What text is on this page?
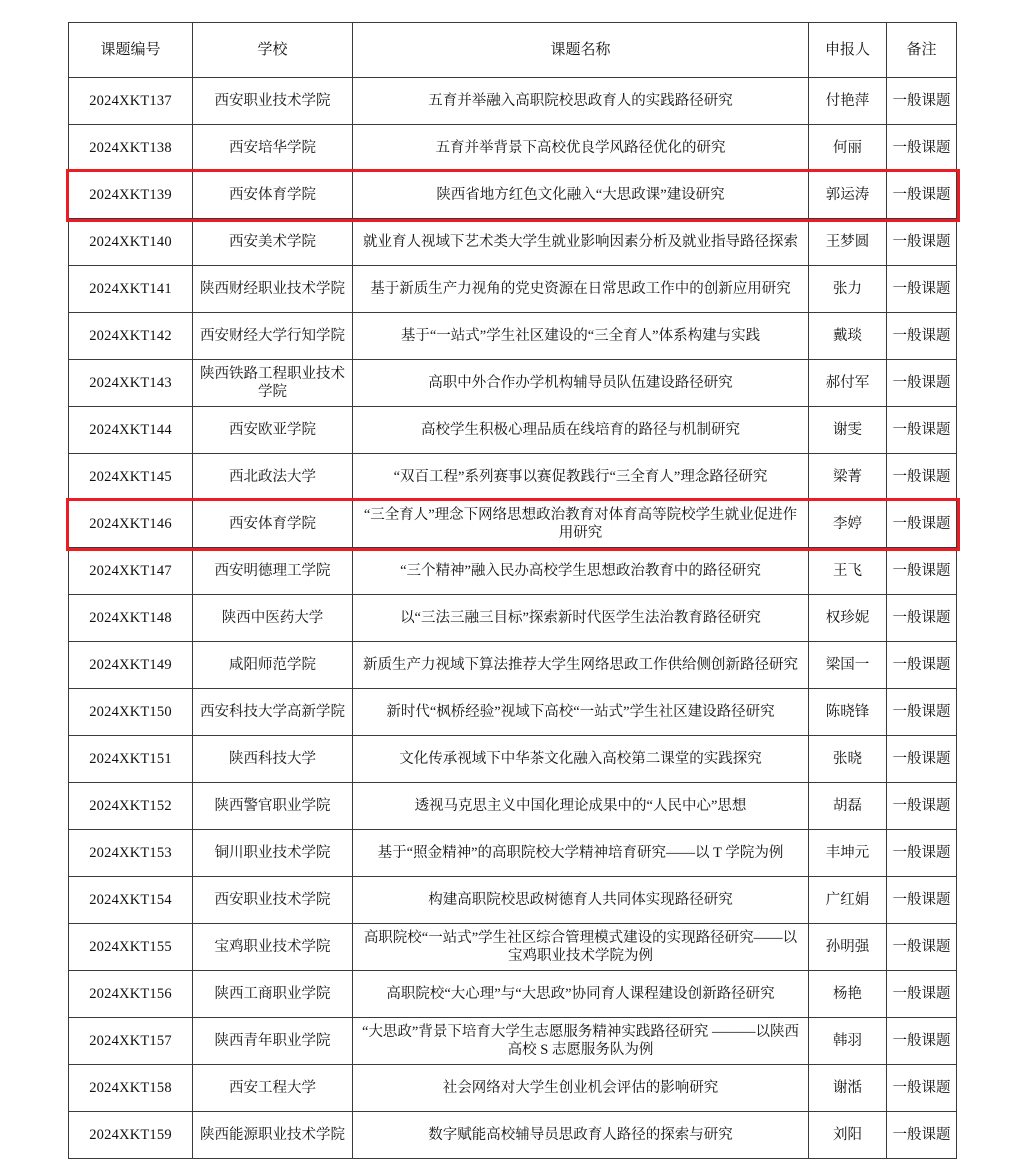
课题编号	学校	课题名称	申报人	备注
2024XKT137	西安职业技术学院	五育并举融入高职院校思政育人的实践路径研究	付艳萍	一般课题
2024XKT138	西安培华学院	五育并举背景下高校优良学风路径优化的研究	何丽	一般课题
2024XKT139	西安体育学院	陕西省地方红色文化融入“大思政课”建设研究	郭运涛	一般课题
2024XKT140	西安美术学院	就业育人视域下艺术类大学生就业影响因素分析及就业指导路径探索	王梦圆	一般课题
2024XKT141	陕西财经职业技术学院	基于新质生产力视角的党史资源在日常思政工作中的创新应用研究	张力	一般课题
2024XKT142	西安财经大学行知学院	基于“一站式”学生社区建设的“三全育人”体系构建与实践	戴琰	一般课题
2024XKT143	陕西铁路工程职业技术学院	高职中外合作办学机构辅导员队伍建设路径研究	郝付军	一般课题
2024XKT144	西安欧亚学院	高校学生积极心理品质在线培育的路径与机制研究	谢雯	一般课题
2024XKT145	西北政法大学	“双百工程”系列赛事以赛促教践行“三全育人”理念路径研究	梁菁	一般课题
2024XKT146	西安体育学院	“三全育人”理念下网络思想政治教育对体育高等院校学生就业促进作用研究	李婷	一般课题
2024XKT147	西安明德理工学院	“三个精神”融入民办高校学生思想政治教育中的路径研究	王飞	一般课题
2024XKT148	陕西中医药大学	以“三法三融三目标”探索新时代医学生法治教育路径研究	权珍妮	一般课题
2024XKT149	咸阳师范学院	新质生产力视域下算法推荐大学生网络思政工作供给侧创新路径研究	梁国一	一般课题
2024XKT150	西安科技大学高新学院	新时代“枫桥经验”视域下高校“一站式”学生社区建设路径研究	陈晓锋	一般课题
2024XKT151	陕西科技大学	文化传承视域下中华茶文化融入高校第二课堂的实践探究	张晓	一般课题
2024XKT152	陕西警官职业学院	透视马克思主义中国化理论成果中的“人民中心”思想	胡磊	一般课题
2024XKT153	铜川职业技术学院	基于“照金精神”的高职院校大学精神培育研究——以 T 学院为例	丰坤元	一般课题
2024XKT154	西安职业技术学院	构建高职院校思政树德育人共同体实现路径研究	广红娟	一般课题
2024XKT155	宝鸡职业技术学院	高职院校“一站式”学生社区综合管理模式建设的实现路径研究——以宝鸡职业技术学院为例	孙明强	一般课题
2024XKT156	陕西工商职业学院	高职院校“大心理”与“大思政”协同育人课程建设创新路径研究	杨艳	一般课题
2024XKT157	陕西青年职业学院	“大思政”背景下培育大学生志愿服务精神实践路径研究 ———以陕西高校 S 志愿服务队为例	韩羽	一般课题
2024XKT158	西安工程大学	社会网络对大学生创业机会评估的影响研究	谢湉	一般课题
2024XKT159	陕西能源职业技术学院	数字赋能高校辅导员思政育人路径的探索与研究	刘阳	一般课题
